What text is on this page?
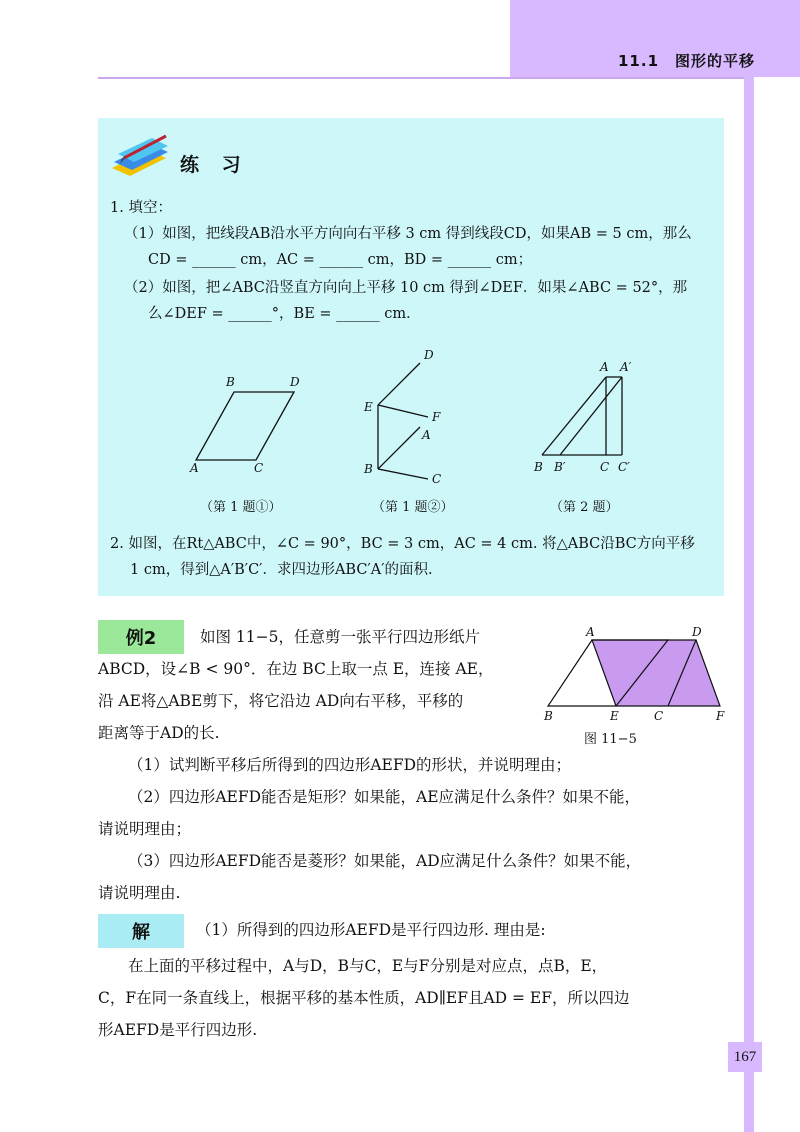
11.1　图形的平移
练 习
1. 填空：
（1）如图，把线段AB沿水平方向向右平移 3 cm 得到线段CD，如果AB = 5 cm，那么
CD = ______ cm，AC = ______ cm，BD = ______ cm；
（2）如图，把∠ABC沿竖直方向向上平移 10 cm 得到∠DEF．如果∠ABC = 52°，那
么∠DEF = ______°，BE = ______ cm．
B	D
A	C
D
E
F
A
B
C
A A′
B B′	C C′
（第 1 题①）	（第 1 题②）	（第 2 题）
2. 如图，在Rt△ABC中，∠C = 90°，BC = 3 cm，AC = 4 cm. 将△ABC沿BC方向平移
1 cm，得到△A′B′C′．求四边形ABC′A′的面积.
例2	如图 11−5，任意剪一张平行四边形纸片
ABCD，设∠B < 90°．在边 BC上取一点 E，连接 AE，
沿 AE将△ABE剪下，将它沿边 AD向右平移，平移的
距离等于AD的长.
A	D
B	E	C	F
图 11−5
（1）试判断平移后所得到的四边形AEFD的形状，并说明理由；
（2）四边形AEFD能否是矩形？如果能，AE应满足什么条件？如果不能，
请说明理由；
（3）四边形AEFD能否是菱形？如果能，AD应满足什么条件？如果不能，
请说明理由.
解	（1）所得到的四边形AEFD是平行四边形. 理由是:
在上面的平移过程中，A与D，B与C，E与F分别是对应点，点B，E，
C，F在同一条直线上，根据平移的基本性质，AD∥EF且AD = EF，所以四边
形AEFD是平行四边形.
167
